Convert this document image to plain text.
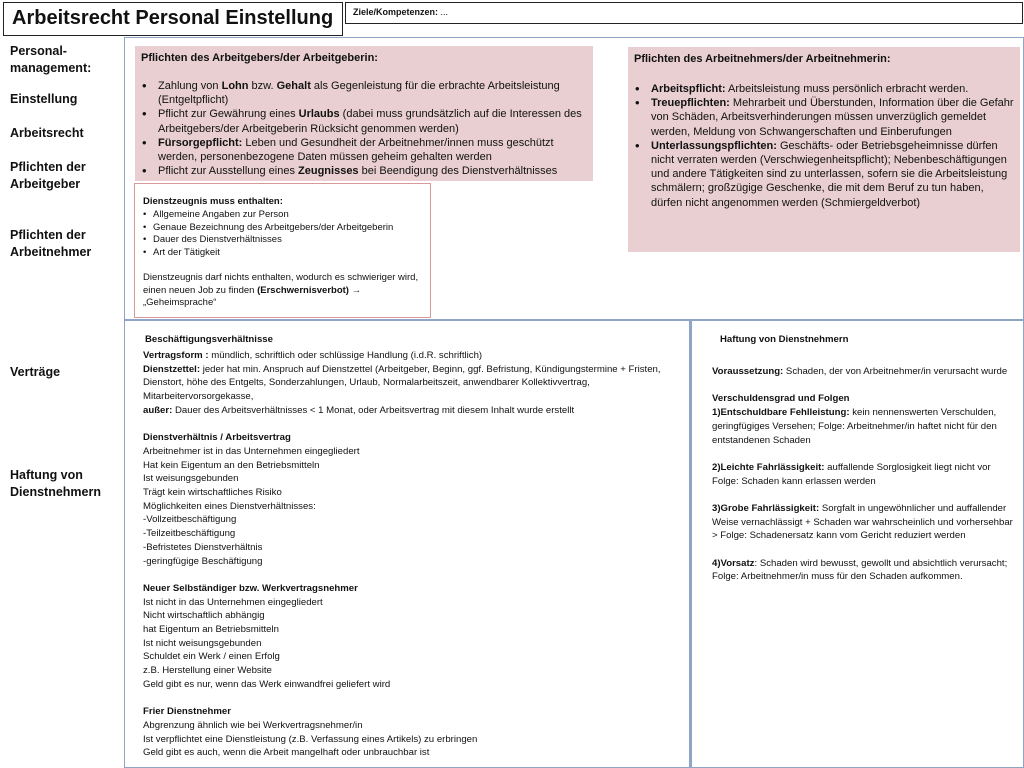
Arbeitsrecht Personal Einstellung Ziele/Kompetenzen: ...
Personal-
management:
Einstellung
Arbeitsrecht
Pflichten der
Arbeitgeber
Pflichten der
Arbeitnehmer
Verträge
Haftung von
Dienstnehmern
Pflichten des Arbeitgebers/der Arbeitgeberin:
• Zahlung von Lohn bzw. Gehalt als Gegenleistung für die erbrachte Arbeitsleistung (Entgeltpflicht)
• Pflicht zur Gewährung eines Urlaubs (dabei muss grundsätzlich auf die Interessen des Arbeitgebers/der Arbeitgeberin Rücksicht genommen werden)
• Fürsorgepflicht: Leben und Gesundheit der Arbeitnehmer/innen muss geschützt werden, personenbezogene Daten müssen geheim gehalten werden
• Pflicht zur Ausstellung eines Zeugnisses bei Beendigung des Dienstverhältnisses
Pflichten des Arbeitnehmers/der Arbeitnehmerin:
• Arbeitspflicht: Arbeitsleistung muss persönlich erbracht werden.
• Treuepflichten: Mehrarbeit und Überstunden, Information über die Gefahr von Schäden, Arbeitsverhinderungen müssen unverzüglich gemeldet werden, Meldung von Schwangerschaften und Einberufungen
• Unterlassungspflichten: Geschäfts- oder Betriebsgeheimnisse dürfen nicht verraten werden (Verschwiegenheitspflicht); Nebenbeschäftigungen und andere Tätigkeiten sind zu unterlassen, sofern sie die Arbeitsleistung schmälern; großzügige Geschenke, die mit dem Beruf zu tun haben, dürfen nicht angenommen werden (Schmiergeldverbot)
Dienstzeugnis muss enthalten:
• Allgemeine Angaben zur Person
• Genaue Bezeichnung des Arbeitgebers/der Arbeitgeberin
• Dauer des Dienstverhältnisses
• Art der Tätigkeit
Dienstzeugnis darf nichts enthalten, wodurch es schwieriger wird, einen neuen Job zu finden (Erschwernisverbot) → „Geheimsprache“
Beschäftigungsverhältnisse
Vertragsform : mündlich, schriftlich oder schlüssige Handlung (i.d.R. schriftlich)
Dienstzettel: jeder hat min. Anspruch auf Dienstzettel (Arbeitgeber, Beginn, ggf. Befristung, Kündigungstermine + Fristen, Dienstort, höhe des Entgelts, Sonderzahlungen, Urlaub, Normalarbeitszeit, anwendbarer Kollektivvertrag, Mitarbeitervorsorgekasse,
außer: Dauer des Arbeitsverhältnisses < 1 Monat, oder Arbeitsvertrag mit diesem Inhalt wurde erstellt
Dienstverhältnis / Arbeitsvertrag
Arbeitnehmer ist in das Unternehmen eingegliedert
Hat kein Eigentum an den Betriebsmitteln
Ist weisungsgebunden
Trägt kein wirtschaftliches Risiko
Möglichkeiten eines Dienstverhältnisses:
-Vollzeitbeschäftigung
-Teilzeitbeschäftigung
-Befristetes Dienstverhältnis
-geringfügige Beschäftigung
Neuer Selbständiger bzw. Werkvertragsnehmer
Ist nicht in das Unternehmen eingegliedert
Nicht wirtschaftlich abhängig
hat Eigentum an Betriebsmitteln
Ist nicht weisungsgebunden
Schuldet ein Werk / einen Erfolg
z.B. Herstellung einer Website
Geld gibt es nur, wenn das Werk einwandfrei geliefert wird
Frier Dienstnehmer
Abgrenzung ähnlich wie bei Werkvertragsnehmer/in
Ist verpflichtet eine Dienstleistung (z.B. Verfassung eines Artikels) zu erbringen
Geld gibt es auch, wenn die Arbeit mangelhaft oder unbrauchbar ist
Haftung von Dienstnehmern
Voraussetzung: Schaden, der von Arbeitnehmer/in verursacht wurde
Verschuldensgrad und Folgen
1)Entschuldbare Fehlleistung: kein nennenswerten Verschulden, geringfügiges Versehen; Folge: Arbeitnehmer/in haftet nicht für den entstandenen Schaden
2)Leichte Fahrlässigkeit: auffallende Sorglosigkeit liegt nicht vor Folge: Schaden kann erlassen werden
3)Grobe Fahrlässigkeit: Sorgfalt in ungewöhnlicher und auffallender Weise vernachlässigt + Schaden war wahrscheinlich und vorhersehbar > Folge: Schadenersatz kann vom Gericht reduziert werden
4)Vorsatz: Schaden wird bewusst, gewollt und absichtlich verursacht; Folge: Arbeitnehmer/in muss für den Schaden aufkommen.
